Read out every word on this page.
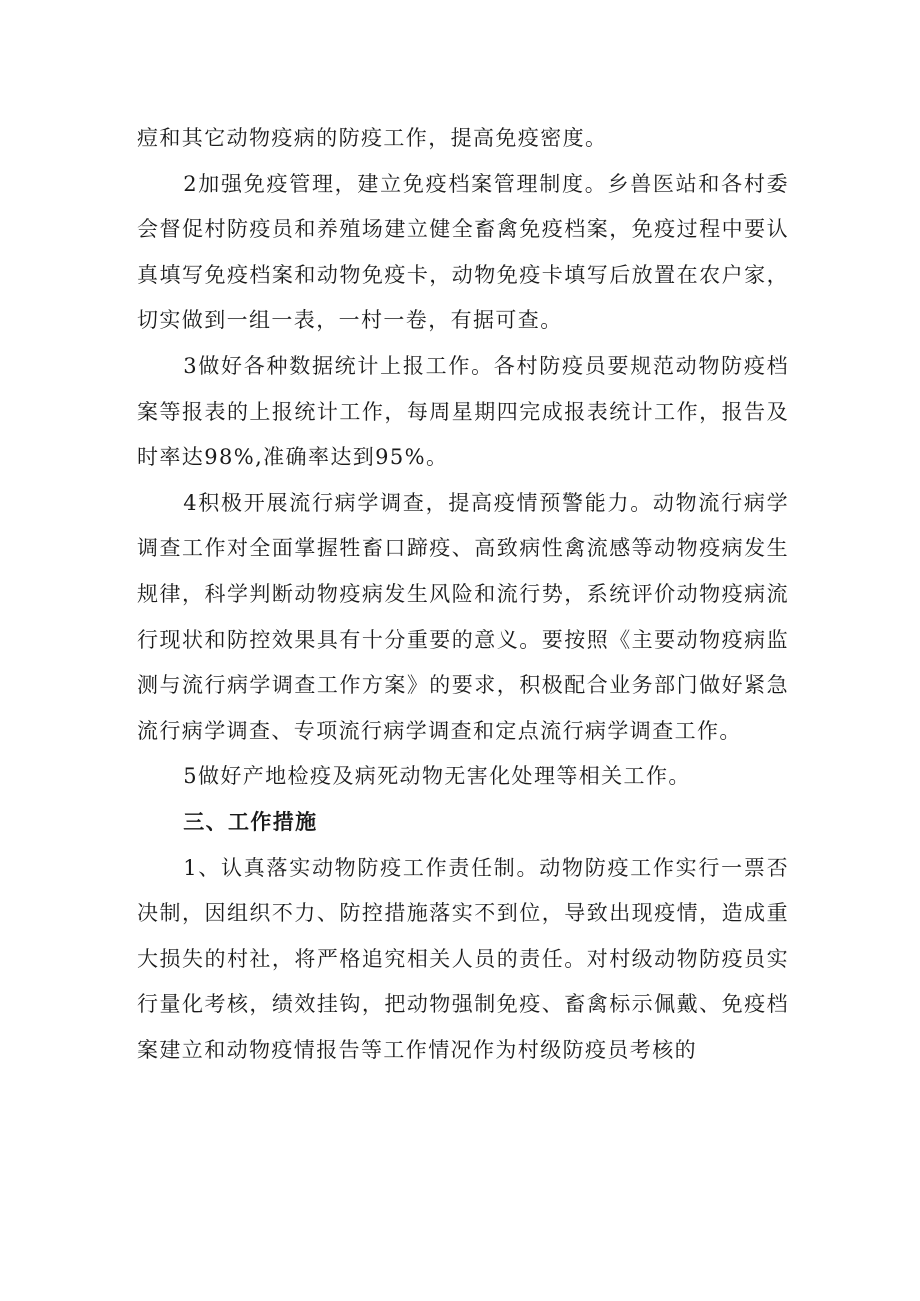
痘和其它动物疫病的防疫工作，提高免疫密度。

2加强免疫管理，建立免疫档案管理制度。乡兽医站和各村委会督促村防疫员和养殖场建立健全畜禽免疫档案，免疫过程中要认真填写免疫档案和动物免疫卡，动物免疫卡填写后放置在农户家，切实做到一组一表，一村一卷，有据可查。

3做好各种数据统计上报工作。各村防疫员要规范动物防疫档案等报表的上报统计工作，每周星期四完成报表统计工作，报告及时率达98%,准确率达到95%。

4积极开展流行病学调查，提高疫情预警能力。动物流行病学调查工作对全面掌握牲畜口蹄疫、高致病性禽流感等动物疫病发生规律，科学判断动物疫病发生风险和流行势，系统评价动物疫病流行现状和防控效果具有十分重要的意义。要按照《主要动物疫病监测与流行病学调查工作方案》的要求，积极配合业务部门做好紧急流行病学调查、专项流行病学调查和定点流行病学调查工作。

5做好产地检疫及病死动物无害化处理等相关工作。

三、工作措施

1、认真落实动物防疫工作责任制。动物防疫工作实行一票否决制，因组织不力、防控措施落实不到位，导致出现疫情，造成重大损失的村社，将严格追究相关人员的责任。对村级动物防疫员实行量化考核，绩效挂钩，把动物强制免疫、畜禽标示佩戴、免疫档案建立和动物疫情报告等工作情况作为村级防疫员考核的
